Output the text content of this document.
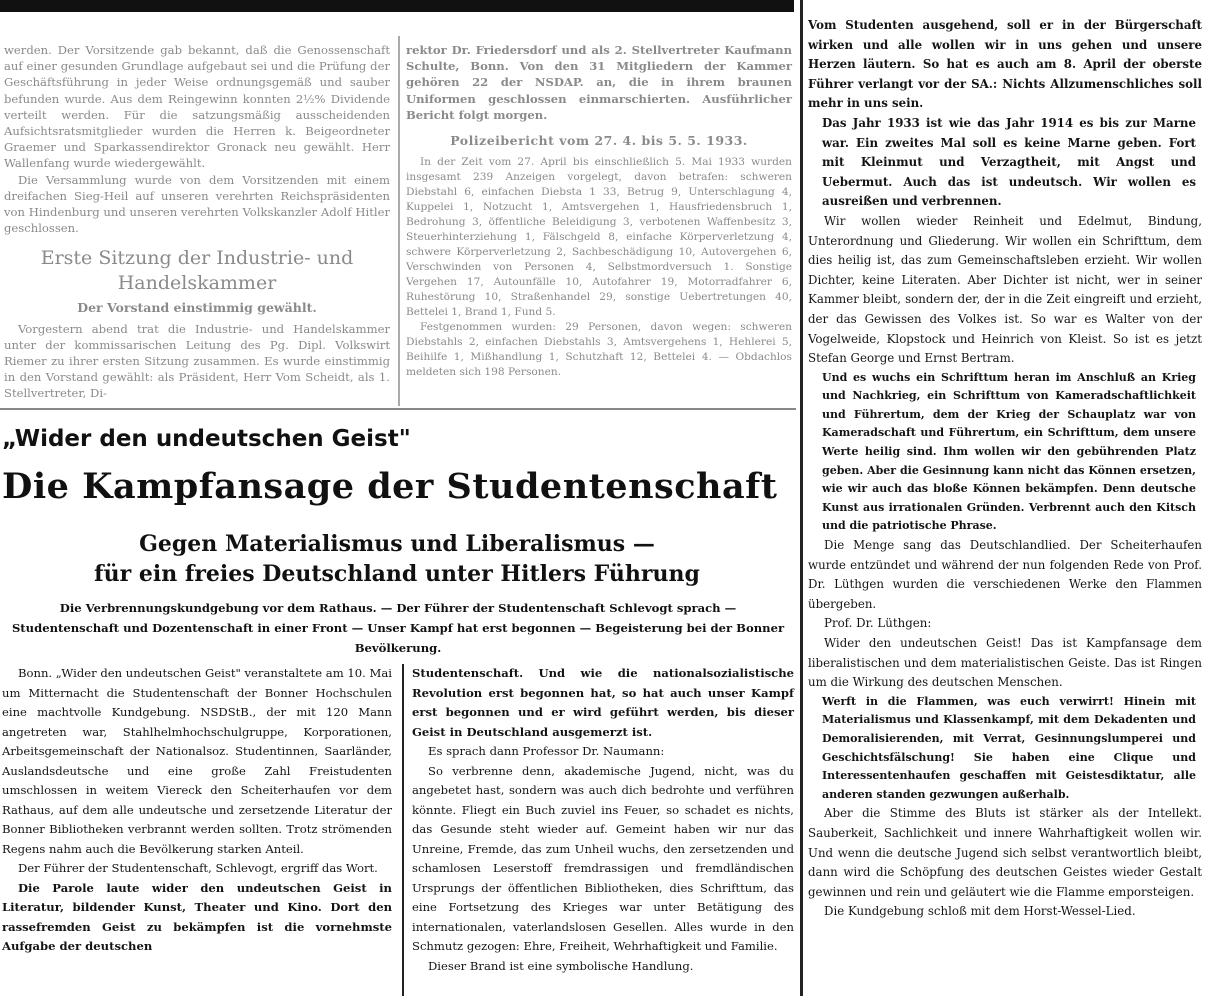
werden. Der Vorsitzende gab bekannt, daß die Genossenschaft auf einer gesunden Grundlage aufgebaut sei und die Prüfung der Geschäftsführung in jeder Weise ordnungsgemäß und sauber befunden wurde. Aus dem Reingewinn konnten 2½% Dividende verteilt werden. Für die satzungsmäßig ausscheidenden Aufsichtsratsmitglieder wurden die Herren k. Beigeordneter Graemer und Sparkassendirektor Gronack neu gewählt. Herr Wallenfang wurde wiedergewählt.

Die Versammlung wurde von dem Vorsitzenden mit einem dreifachen Sieg-Heil auf unseren verehrten Reichspräsidenten von Hindenburg und unseren verehrten Volkskanzler Adolf Hitler geschlossen.

Erste Sitzung der Industrie- und Handelskammer
Der Vorstand einstimmig gewählt.

Vorgestern abend trat die Industrie- und Handelskammer unter der kommissarischen Leitung des Pg. Dipl. Volkswirt Riemer zu ihrer ersten Sitzung zusammen. Es wurde einstimmig in den Vorstand gewählt: als Präsident, Herr Vom Scheidt, als 1. Stellvertreter, Di-

rektor Dr. Friedersdorf und als 2. Stellvertreter Kaufmann Schulte, Bonn. Von den 31 Mitgliedern der Kammer gehören 22 der NSDAP. an, die in ihrem braunen Uniformen geschlossen einmarschierten. Ausführlicher Bericht folgt morgen.

Polizeibericht vom 27. 4. bis 5. 5. 1933.

In der Zeit vom 27. April bis einschließlich 5. Mai 1933 wurden insgesamt 239 Anzeigen vorgelegt, davon betrafen: schweren Diebstahl 6, einfachen Diebsta 1 33, Betrug 9, Unterschlagung 4, Kuppelei 1, Notzucht 1, Amtsvergehen 1, Hausfriedensbruch 1, Bedrohung 3, öffentliche Beleidigung 3, verbotenen Waffenbesitz 3, Steuerhinterziehung 1, Fälschgeld 8, einfache Körperverletzung 4, schwere Körperverletzung 2, Sachbeschädigung 10, Autovergehen 6, Verschwinden von Personen 4, Selbstmordversuch 1. Sonstige Vergehen 17, Autounfälle 10, Autofahrer 19, Motorradfahrer 6, Ruhestörung 10, Straßenhandel 29, sonstige Uebertretungen 40, Bettelei 1, Brand 1, Fund 5.

Festgenommen wurden: 29 Personen, davon wegen: schweren Diebstahls 2, einfachen Diebstahls 3, Amtsvergehens 1, Hehlerei 5, Beihilfe 1, Mißhandlung 1, Schutzhaft 12, Bettelei 4. — Obdachlos meldeten sich 198 Personen.

„Wider den undeutschen Geist"
Die Kampfansage der Studentenschaft
Gegen Materialismus und Liberalismus —
für ein freies Deutschland unter Hitlers Führung
Die Verbrennungskundgebung vor dem Rathaus. — Der Führer der Studentenschaft Schlevogt sprach — Studentenschaft und Dozentenschaft in einer Front — Unser Kampf hat erst begonnen — Begeisterung bei der Bonner Bevölkerung.

Bonn. „Wider den undeutschen Geist" veranstaltete am 10. Mai um Mitternacht die Studentenschaft der Bonner Hochschulen eine machtvolle Kundgebung. NSDStB., der mit 120 Mann angetreten war, Stahlhelmhochschulgruppe, Korporationen, Arbeitsgemeinschaft der Nationalsoz. Studentinnen, Saarländer, Auslandsdeutsche und eine große Zahl Freistudenten umschlossen in weitem Viereck den Scheiterhaufen vor dem Rathaus, auf dem alle undeutsche und zersetzende Literatur der Bonner Bibliotheken verbrannt werden sollten. Trotz strömenden Regens nahm auch die Bevölkerung starken Anteil.

Der Führer der Studentenschaft, Schlevogt, ergriff das Wort.

Die Parole laute wider den undeutschen Geist in Literatur, bildender Kunst, Theater und Kino. Dort den rassefremden Geist zu bekämpfen ist die vornehmste Aufgabe der deutschen

Studentenschaft. Und wie die nationalsozialistische Revolution erst begonnen hat, so hat auch unser Kampf erst begonnen und er wird geführt werden, bis dieser Geist in Deutschland ausgemerzt ist.

Es sprach dann Professor Dr. Naumann:

So verbrenne denn, akademische Jugend, nicht, was du angebetet hast, sondern was auch dich bedrohte und verführen könnte. Fliegt ein Buch zuviel ins Feuer, so schadet es nichts, das Gesunde steht wieder auf. Gemeint haben wir nur das Unreine, Fremde, das zum Unheil wuchs, den zersetzenden und schamlosen Leserstoff fremdrassigen und fremdländischen Ursprungs der öffentlichen Bibliotheken, dies Schrifttum, das eine Fortsetzung des Krieges war unter Betätigung des internationalen, vaterlandslosen Gesellen. Alles wurde in den Schmutz gezogen: Ehre, Freiheit, Wehrhaftigkeit und Familie.

Dieser Brand ist eine symbolische Handlung.

Vom Studenten ausgehend, soll er in der Bürgerschaft wirken und alle wollen wir in uns gehen und unsere Herzen läutern. So hat es auch am 8. April der oberste Führer verlangt vor der SA.: Nichts Allzumenschliches soll mehr in uns sein.

Das Jahr 1933 ist wie das Jahr 1914 es bis zur Marne war. Ein zweites Mal soll es keine Marne geben. Fort mit Kleinmut und Verzagtheit, mit Angst und Uebermut. Auch das ist undeutsch. Wir wollen es ausreißen und verbrennen.

Wir wollen wieder Reinheit und Edelmut, Bindung, Unterordnung und Gliederung. Wir wollen ein Schrifttum, dem dies heilig ist, das zum Gemeinschaftsleben erzieht. Wir wollen Dichter, keine Literaten. Aber Dichter ist nicht, wer in seiner Kammer bleibt, sondern der, der in die Zeit eingreift und erzieht, der das Gewissen des Volkes ist. So war es Walter von der Vogelweide, Klopstock und Heinrich von Kleist. So ist es jetzt Stefan George und Ernst Bertram.

Und es wuchs ein Schrifttum heran im Anschluß an Krieg und Nachkrieg, ein Schrifttum von Kameradschaftlichkeit und Führertum, dem der Krieg der Schauplatz war von Kameradschaft und Führertum, ein Schrifttum, dem unsere Werte heilig sind. Ihm wollen wir den gebührenden Platz geben. Aber die Gesinnung kann nicht das Können ersetzen, wie wir auch das bloße Können bekämpfen. Denn deutsche Kunst aus irrationalen Gründen. Verbrennt auch den Kitsch und die patriotische Phrase.

Die Menge sang das Deutschlandlied. Der Scheiterhaufen wurde entzündet und während der nun folgenden Rede von Prof. Dr. Lüthgen wurden die verschiedenen Werke den Flammen übergeben.

Prof. Dr. Lüthgen:

Wider den undeutschen Geist! Das ist Kampfansage dem liberalistischen und dem materialistischen Geiste. Das ist Ringen um die Wirkung des deutschen Menschen.

Werft in die Flammen, was euch verwirrt! Hinein mit Materialismus und Klassenkampf, mit dem Dekadenten und Demoralisierenden, mit Verrat, Gesinnungslumperei und Geschichtsfälschung! Sie haben eine Clique und Interessentenhaufen geschaffen mit Geistesdiktatur, alle anderen standen gezwungen außerhalb.

Aber die Stimme des Bluts ist stärker als der Intellekt. Sauberkeit, Sachlichkeit und innere Wahrhaftigkeit wollen wir. Und wenn die deutsche Jugend sich selbst verantwortlich bleibt, dann wird die Schöpfung des deutschen Geistes wieder Gestalt gewinnen und rein und geläutert wie die Flamme emporsteigen.

Die Kundgebung schloß mit dem Horst-Wessel-Lied.
